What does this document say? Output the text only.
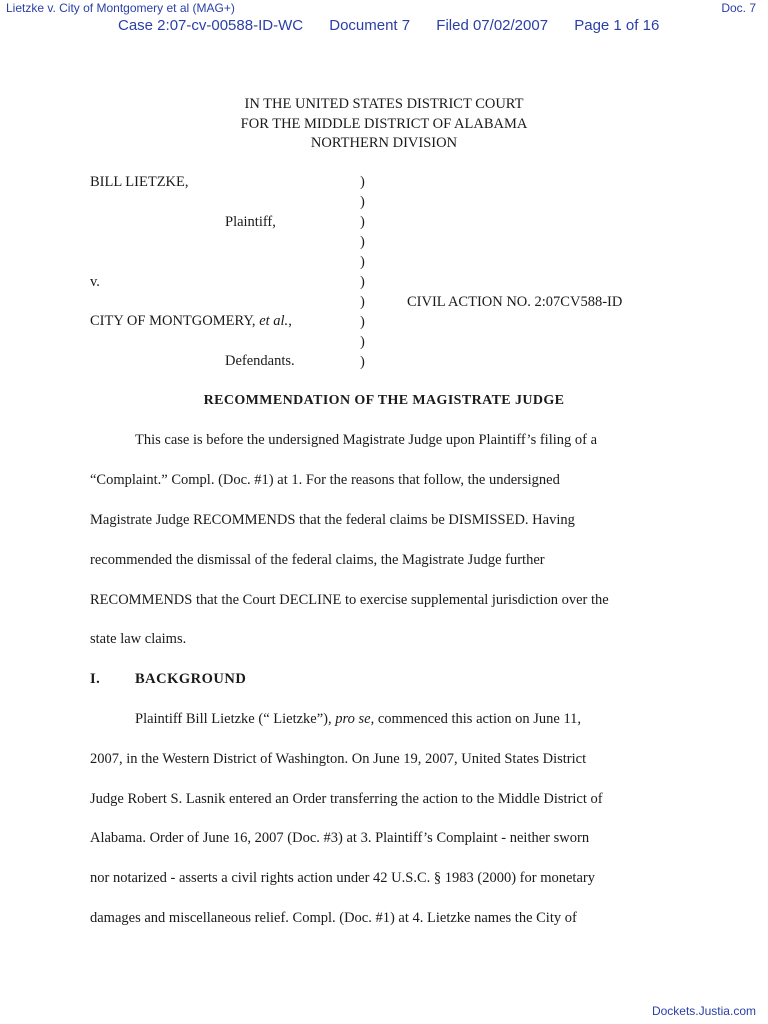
Lietzke v. City of Montgomery et al (MAG+)	Doc. 7
Case 2:07-cv-00588-ID-WC Document 7 Filed 07/02/2007 Page 1 of 16
IN THE UNITED STATES DISTRICT COURT
FOR THE MIDDLE DISTRICT OF ALABAMA
NORTHERN DIVISION
BILL LIETZKE,
Plaintiff,
v.
CITY OF MONTGOMERY, et al.,
Defendants.
)
)
)
)
)
)
)
)
)
)
CIVIL ACTION NO. 2:07CV588-ID
RECOMMENDATION OF THE MAGISTRATE JUDGE
This case is before the undersigned Magistrate Judge upon Plaintiff’s filing of a
“Complaint.” Compl. (Doc. #1) at 1. For the reasons that follow, the undersigned
Magistrate Judge RECOMMENDS that the federal claims be DISMISSED. Having
recommended the dismissal of the federal claims, the Magistrate Judge further
RECOMMENDS that the Court DECLINE to exercise supplemental jurisdiction over the
state law claims.
I. BACKGROUND
Plaintiff Bill Lietzke (“ Lietzke”), pro se, commenced this action on June 11,
2007, in the Western District of Washington. On June 19, 2007, United States District
Judge Robert S. Lasnik entered an Order transferring the action to the Middle District of
Alabama. Order of June 16, 2007 (Doc. #3) at 3. Plaintiff’s Complaint - neither sworn
nor notarized - asserts a civil rights action under 42 U.S.C. § 1983 (2000) for monetary
damages and miscellaneous relief. Compl. (Doc. #1) at 4. Lietzke names the City of
Dockets.Justia.com
